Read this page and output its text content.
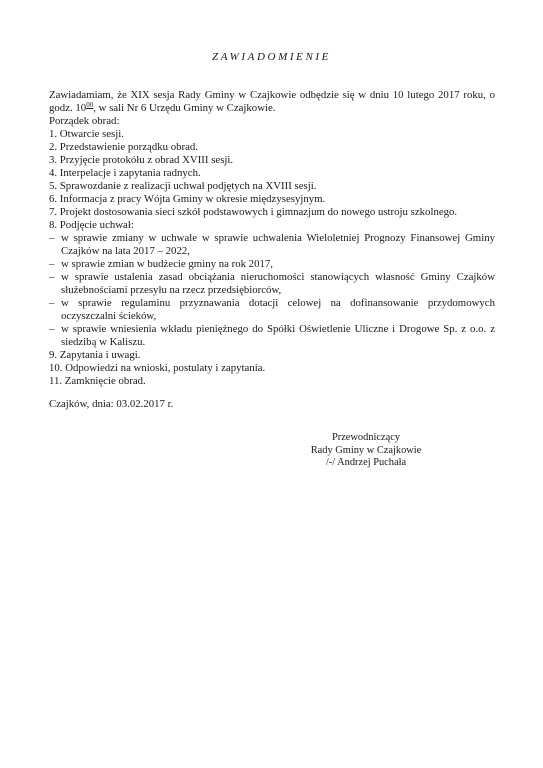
ZAWIADOMIENIE
Zawiadamiam, że XIX sesja Rady Gminy w Czajkowie odbędzie się w dniu 10 lutego 2017 roku, o
godz. $10^{00}$, w sali Nr 6 Urzędu Gminy w Czajkowie.
Porządek obrad:
1. Otwarcie sesji.
2. Przedstawienie porządku obrad.
3. Przyjęcie protokółu z obrad XVIII sesji.
4. Interpelacje i zapytania radnych.
5. Sprawozdanie z realizacji uchwał podjętych na XVIII sesji.
6. Informacja z pracy Wójta Gminy w okresie międzysesyjnym.
7. Projekt dostosowania sieci szkół podstawowych i gimnazjum do nowego ustroju szkolnego.
8. Podjęcie uchwał:
– w sprawie zmiany w uchwale w sprawie uchwalenia Wieloletniej Prognozy Finansowej Gminy
Czajków na lata 2017 – 2022,
– w sprawie zmian w budżecie gminy na rok 2017,
– w sprawie ustalenia zasad obciążania nieruchomości stanowiących własność Gminy Czajków
służebnościami przesyłu na rzecz przedsiębiorców,
– w sprawie regulaminu przyznawania dotacji celowej na dofinansowanie przydomowych
oczyszczalni ścieków,
– w sprawie wniesienia wkładu pieniężnego do Spółki Oświetlenie Uliczne i Drogowe Sp. z o.o. z
siedzibą w Kaliszu.
9. Zapytania i uwagi.
10. Odpowiedzi na wnioski, postulaty i zapytania.
11. Zamknięcie obrad.
Czajków, dnia: 03.02.2017 r.
Przewodniczący
Rady Gminy w Czajkowie
/-/ Andrzej Puchała
